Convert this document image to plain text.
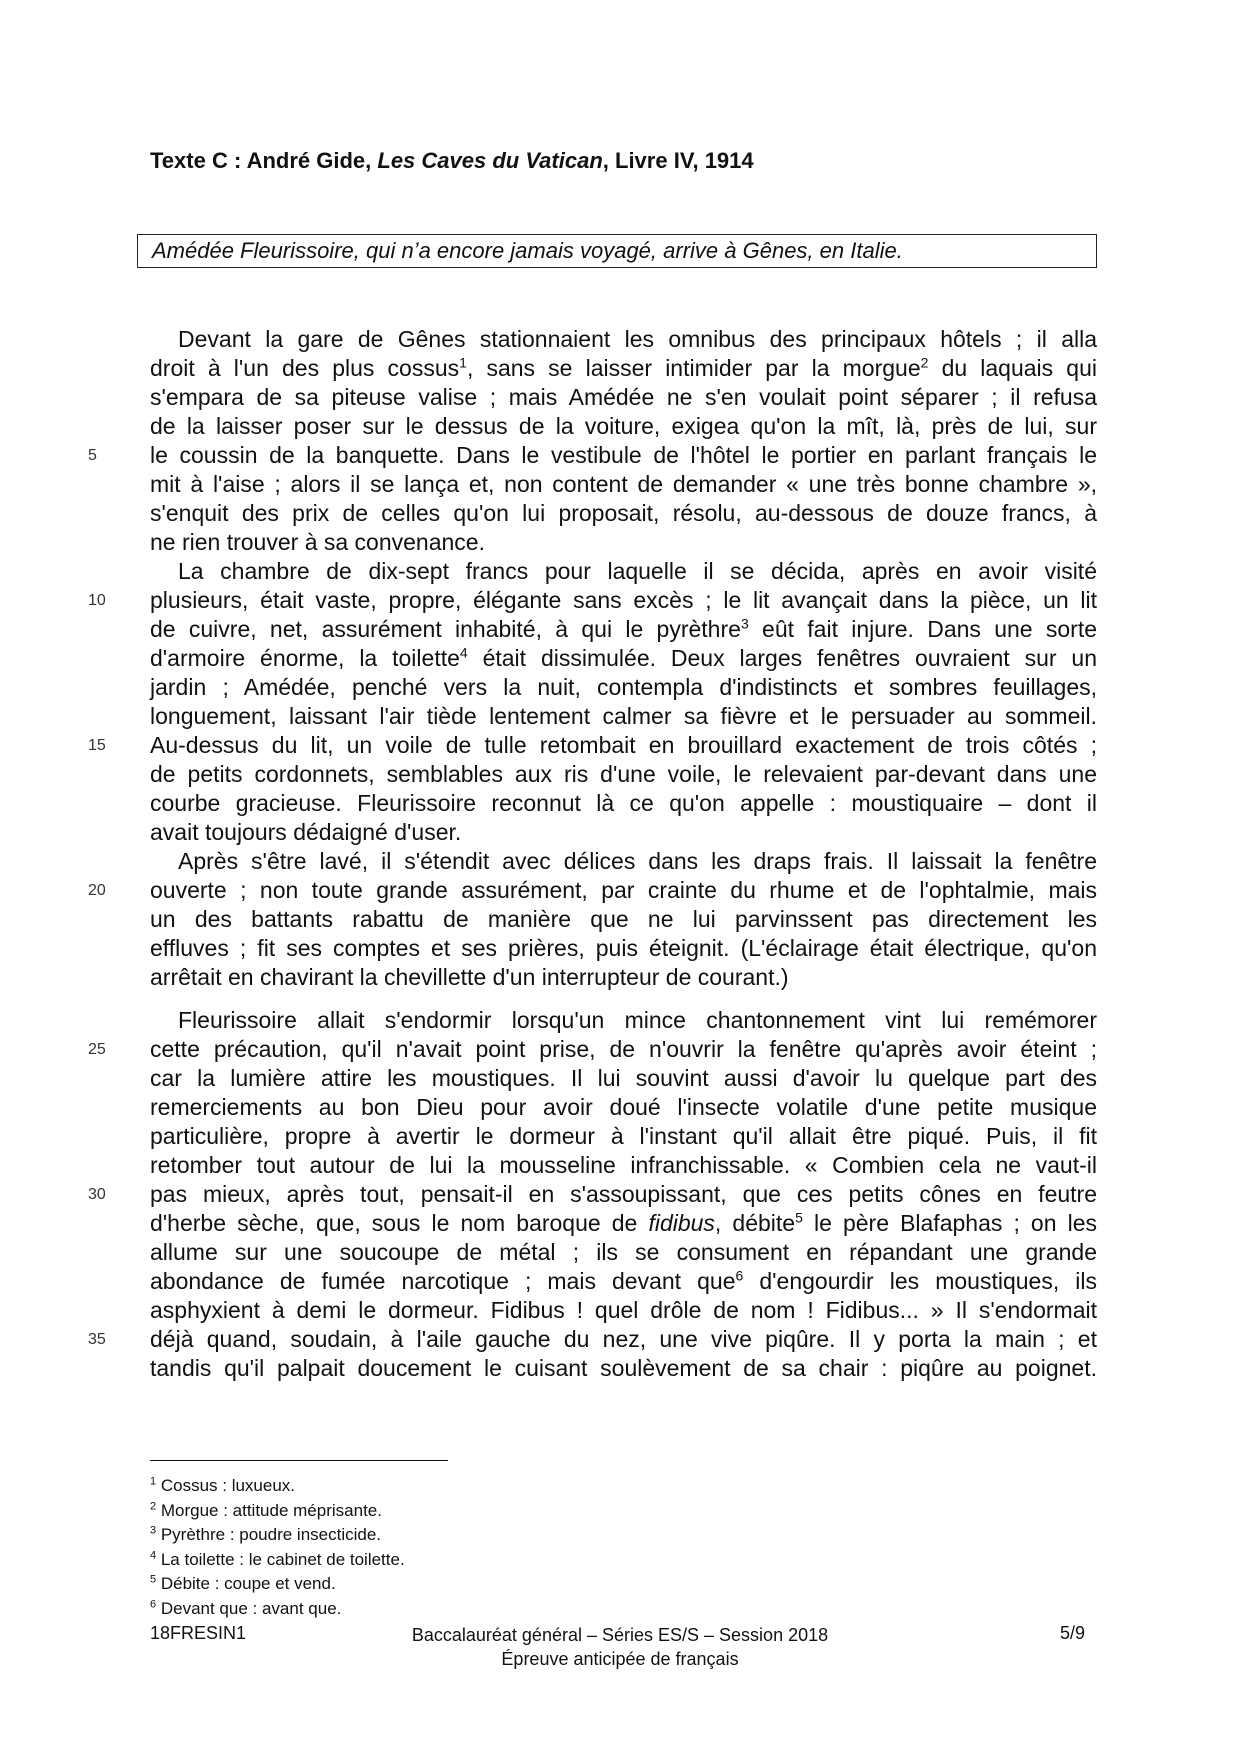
Texte C : André Gide, Les Caves du Vatican, Livre IV, 1914
Amédée Fleurissoire, qui n’a encore jamais voyagé, arrive à Gênes, en Italie.
Devant la gare de Gênes stationnaient les omnibus des principaux hôtels ; il alla
droit à l'un des plus cossus$^1$, sans se laisser intimider par la morgue$^2$ du laquais qui
s'empara de sa piteuse valise ; mais Amédée ne s'en voulait point séparer ; il refusa
de la laisser poser sur le dessus de la voiture, exigea qu'on la mît, là, près de lui, sur
5 le coussin de la banquette. Dans le vestibule de l'hôtel le portier en parlant français le
mit à l'aise ; alors il se lança et, non content de demander « une très bonne chambre »,
s'enquit des prix de celles qu'on lui proposait, résolu, au-dessous de douze francs, à
ne rien trouver à sa convenance.
La chambre de dix-sept francs pour laquelle il se décida, après en avoir visité
10 plusieurs, était vaste, propre, élégante sans excès ; le lit avançait dans la pièce, un lit
de cuivre, net, assurément inhabité, à qui le pyrèthre$^3$ eût fait injure. Dans une sorte
d'armoire énorme, la toilette$^4$ était dissimulée. Deux larges fenêtres ouvraient sur un
jardin ; Amédée, penché vers la nuit, contempla d'indistincts et sombres feuillages,
longuement, laissant l'air tiède lentement calmer sa fièvre et le persuader au sommeil.
15 Au-dessus du lit, un voile de tulle retombait en brouillard exactement de trois côtés ;
de petits cordonnets, semblables aux ris d'une voile, le relevaient par-devant dans une
courbe gracieuse. Fleurissoire reconnut là ce qu'on appelle : moustiquaire – dont il
avait toujours dédaigné d'user.
Après s'être lavé, il s'étendit avec délices dans les draps frais. Il laissait la fenêtre
20 ouverte ; non toute grande assurément, par crainte du rhume et de l'ophtalmie, mais
un des battants rabattu de manière que ne lui parvinssent pas directement les
effluves ; fit ses comptes et ses prières, puis éteignit. (L'éclairage était électrique, qu'on
arrêtait en chavirant la chevillette d'un interrupteur de courant.)
Fleurissoire allait s'endormir lorsqu'un mince chantonnement vint lui remémorer
25 cette précaution, qu'il n'avait point prise, de n'ouvrir la fenêtre qu'après avoir éteint ;
car la lumière attire les moustiques. Il lui souvint aussi d'avoir lu quelque part des
remerciements au bon Dieu pour avoir doué l'insecte volatile d'une petite musique
particulière, propre à avertir le dormeur à l'instant qu'il allait être piqué. Puis, il fit
retomber tout autour de lui la mousseline infranchissable. « Combien cela ne vaut-il
30 pas mieux, après tout, pensait-il en s'assoupissant, que ces petits cônes en feutre
d'herbe sèche, que, sous le nom baroque de fidibus, débite$^5$ le père Blafaphas ; on les
allume sur une soucoupe de métal ; ils se consument en répandant une grande
abondance de fumée narcotique ; mais devant que$^6$ d'engourdir les moustiques, ils
asphyxient à demi le dormeur. Fidibus ! quel drôle de nom ! Fidibus... » Il s'endormait
35 déjà quand, soudain, à l'aile gauche du nez, une vive piqûre. Il y porta la main ; et
tandis qu'il palpait doucement le cuisant soulèvement de sa chair : piqûre au poignet.
$^1$ Cossus : luxueux.
$^2$ Morgue : attitude méprisante.
$^3$ Pyrèthre : poudre insecticide.
$^4$ La toilette : le cabinet de toilette.
$^5$ Débite : coupe et vend.
$^6$ Devant que : avant que.
18FRESIN1	Baccalauréat général – Séries ES/S – Session 2018
Épreuve anticipée de français
5/9
